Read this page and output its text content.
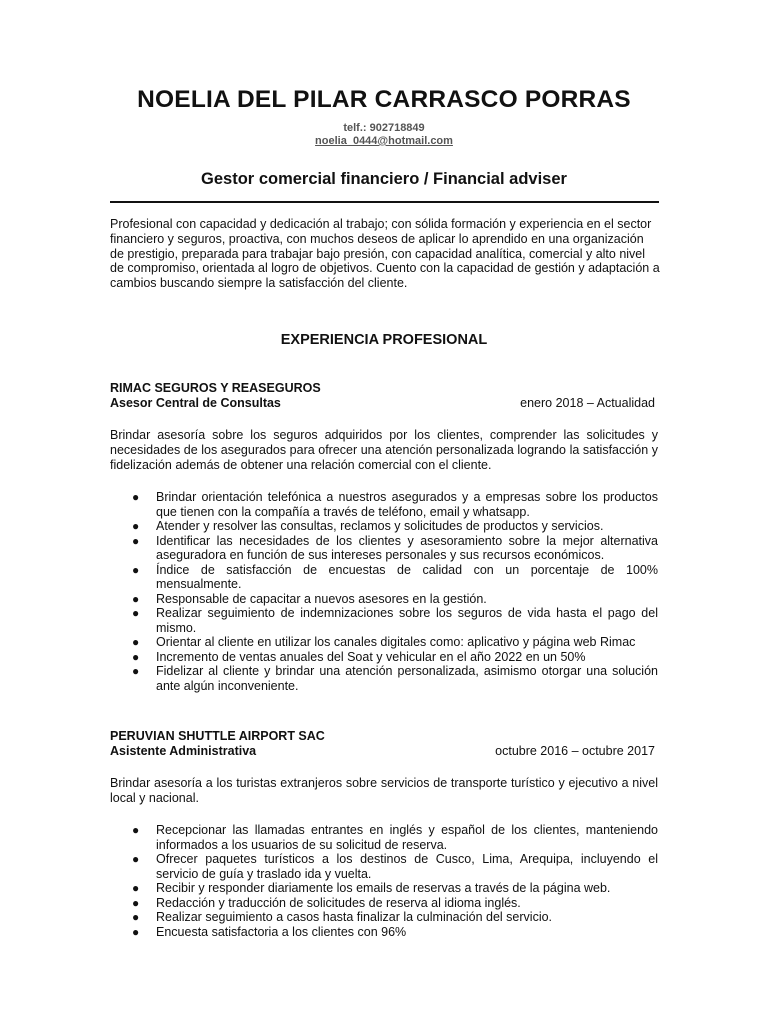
NOELIA DEL PILAR CARRASCO PORRAS
telf.: 902718849
noelia_0444@hotmail.com
Gestor comercial financiero / Financial adviser
Profesional con capacidad y dedicación al trabajo; con sólida formación y experiencia en el sector financiero y seguros, proactiva, con muchos deseos de aplicar lo aprendido en una organización de prestigio, preparada para trabajar bajo presión, con capacidad analítica, comercial y alto nivel de compromiso, orientada al logro de objetivos. Cuento con la capacidad de gestión y adaptación a cambios buscando siempre la satisfacción del cliente.
EXPERIENCIA PROFESIONAL
RIMAC SEGUROS Y REASEGUROS
Asesor Central de Consultas	enero 2018 – Actualidad
Brindar asesoría sobre los seguros adquiridos por los clientes, comprender las solicitudes y necesidades de los asegurados para ofrecer una atención personalizada logrando la satisfacción y fidelización además de obtener una relación comercial con el cliente.
● Brindar orientación telefónica a nuestros asegurados y a empresas sobre los productos que tienen con la compañía a través de teléfono, email y whatsapp.
● Atender y resolver las consultas, reclamos y solicitudes de productos y servicios.
● Identificar las necesidades de los clientes y asesoramiento sobre la mejor alternativa aseguradora en función de sus intereses personales y sus recursos económicos.
● Índice de satisfacción de encuestas de calidad con un porcentaje de 100% mensualmente.
● Responsable de capacitar a nuevos asesores en la gestión.
● Realizar seguimiento de indemnizaciones sobre los seguros de vida hasta el pago del mismo.
● Orientar al cliente en utilizar los canales digitales como: aplicativo y página web Rimac
● Incremento de ventas anuales del Soat y vehicular en el año 2022 en un 50%
● Fidelizar al cliente y brindar una atención personalizada, asimismo otorgar una solución ante algún inconveniente.
PERUVIAN SHUTTLE AIRPORT SAC
Asistente Administrativa	octubre 2016 – octubre 2017
Brindar asesoría a los turistas extranjeros sobre servicios de transporte turístico y ejecutivo a nivel local y nacional.
● Recepcionar las llamadas entrantes en inglés y español de los clientes, manteniendo informados a los usuarios de su solicitud de reserva.
● Ofrecer paquetes turísticos a los destinos de Cusco, Lima, Arequipa, incluyendo el servicio de guía y traslado ida y vuelta.
● Recibir y responder diariamente los emails de reservas a través de la página web.
● Redacción y traducción de solicitudes de reserva al idioma inglés.
● Realizar seguimiento a casos hasta finalizar la culminación del servicio.
● Encuesta satisfactoria a los clientes con 96%
